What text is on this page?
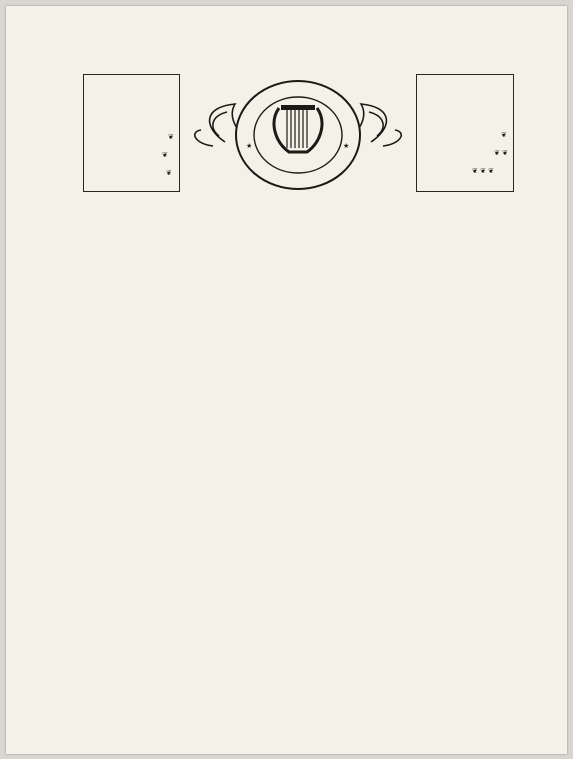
❦
❦
❦
❦
❦ ❦
❦ ❦ ❦
★	★
